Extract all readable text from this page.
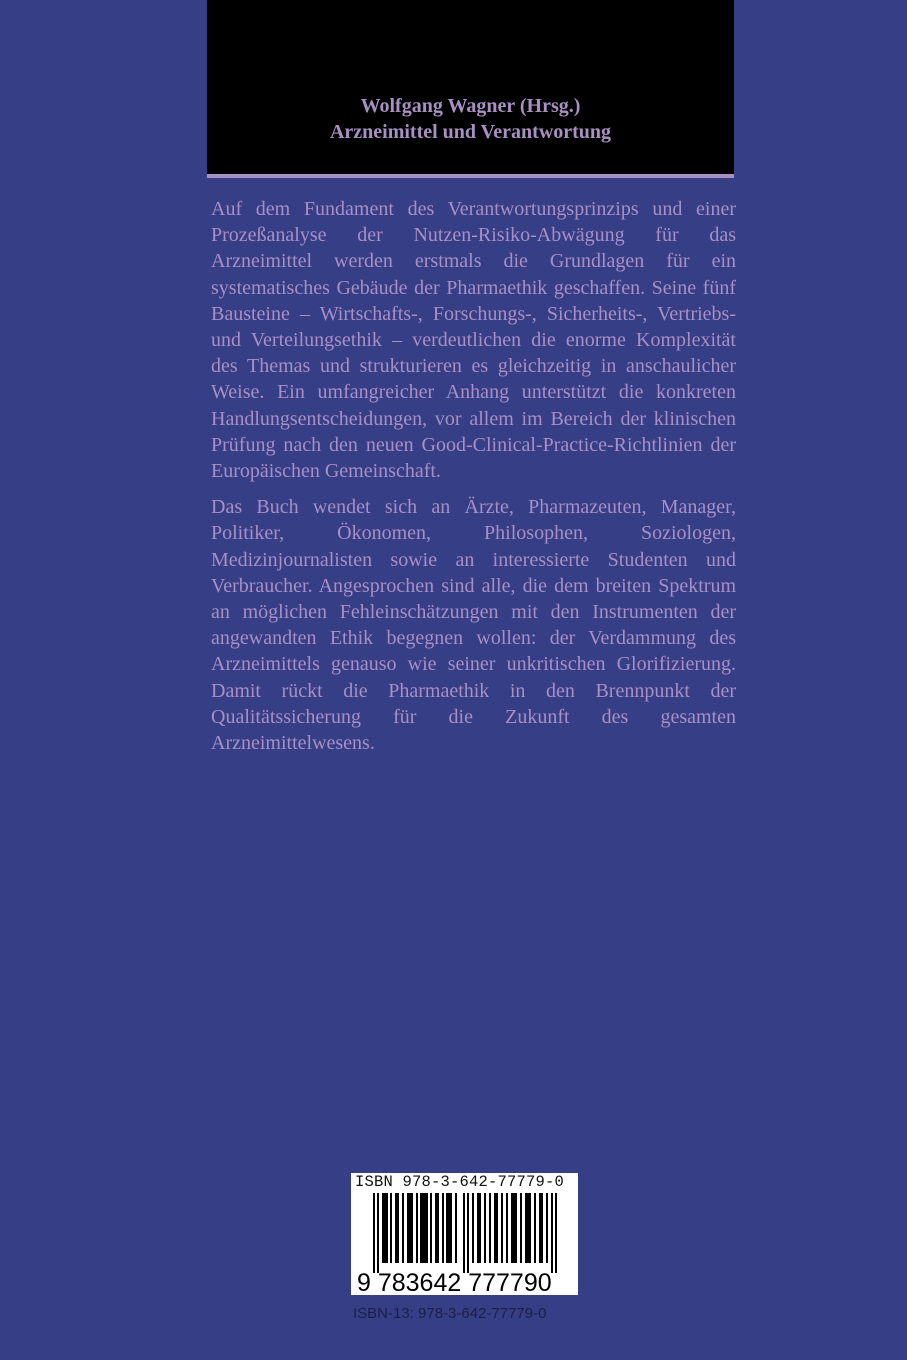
Wolfgang Wagner (Hrsg.)
Arzneimittel und Verantwortung

Auf dem Fundament des Verantwortungsprinzips und einer Prozeßanalyse der Nutzen-Risiko-Abwägung für das Arzneimittel werden erstmals die Grundlagen für ein systematisches Gebäude der Pharmaethik geschaffen. Seine fünf Bausteine – Wirtschafts-, Forschungs-, Sicherheits-, Vertriebs- und Verteilungsethik – verdeutlichen die enorme Komplexität des Themas und strukturieren es gleichzeitig in anschaulicher Weise. Ein umfangreicher Anhang unterstützt die konkreten Handlungsentscheidungen, vor allem im Bereich der klinischen Prüfung nach den neuen Good-Clinical-Practice-Richtlinien der Europäischen Gemeinschaft.

Das Buch wendet sich an Ärzte, Pharmazeuten, Manager, Politiker, Ökonomen, Philosophen, Soziologen, Medizinjournalisten sowie an interessierte Studenten und Verbraucher. Angesprochen sind alle, die dem breiten Spektrum an möglichen Fehleinschätzungen mit den Instrumenten der angewandten Ethik begegnen wollen: der Verdammung des Arzneimittels genauso wie seiner unkritischen Glorifizierung. Damit rückt die Pharmaethik in den Brennpunkt der Qualitätssicherung für die Zukunft des gesamten Arzneimittelwesens.

ISBN 978-3-642-77779-0
9 783642 777790
ISBN-13: 978-3-642-77779-0
